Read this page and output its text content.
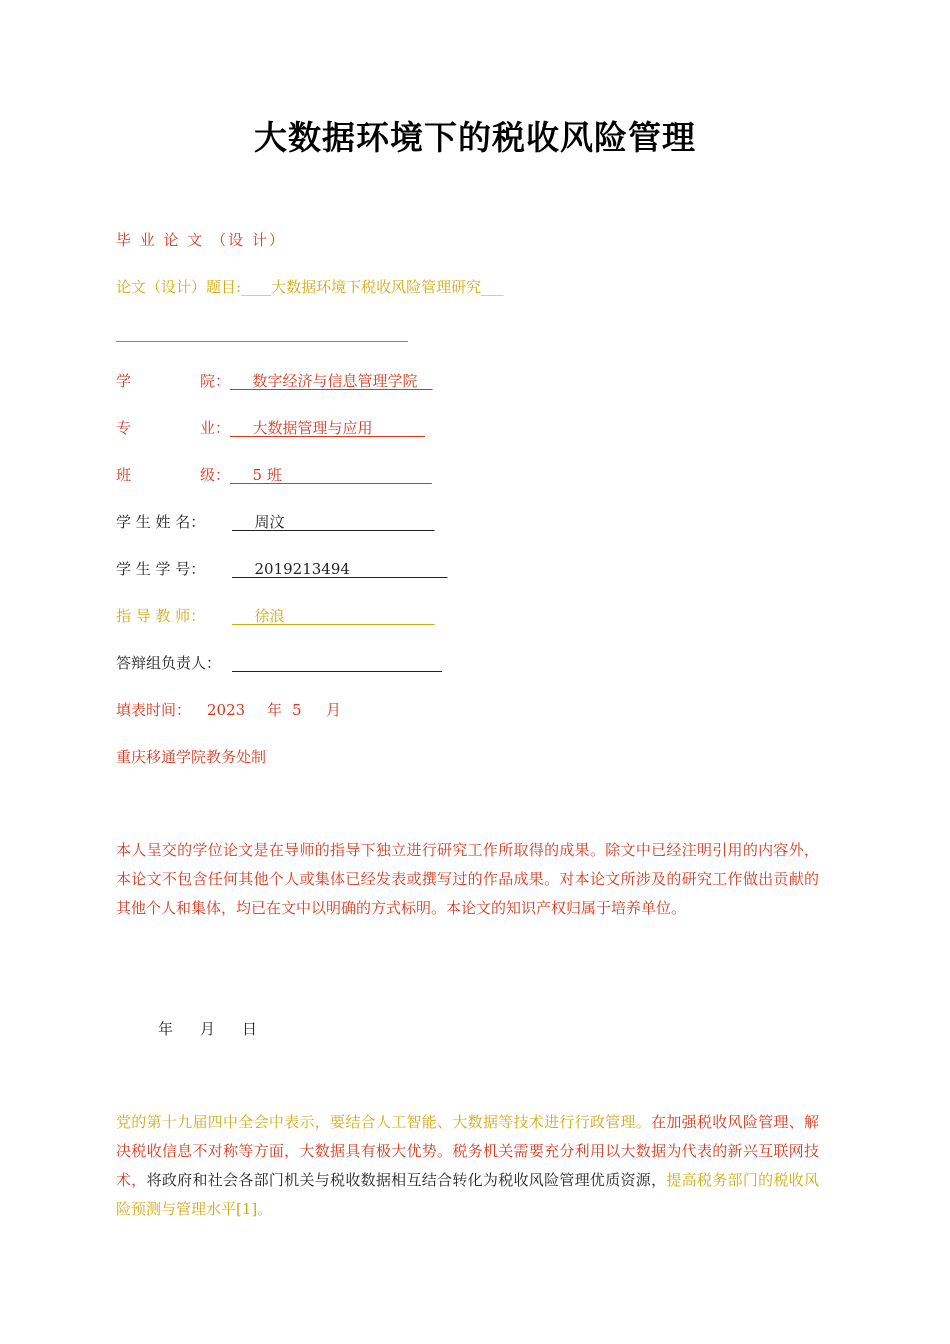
大数据环境下的税收风险管理
毕 业 论 文 （设 计）
论文（设计）题目:____大数据环境下税收风险管理研究___
学	院：___数字经济与信息管理学院__
专	业：___大数据管理与应用_______
班	级：___5 班____________________
学 生 姓 名： ___周汶____________________
学 生 学 号： ___2019213494_____________
指 导 教 师： ___徐浪____________________
答辩组负责人： ____________________________
填表时间： 2023 年 5 月
重庆移通学院教务处制
本人呈交的学位论文是在导师的指导下独立进行研究工作所取得的成果。除文中已经注明引用的内容外，本论文不包含任何其他个人或集体已经发表或撰写过的作品成果。对本论文所涉及的研究工作做出贡献的其他个人和集体，均已在文中以明确的方式标明。本论文的知识产权归属于培养单位。
年 月 日
党的第十九届四中全会中表示，要结合人工智能、大数据等技术进行行政管理。在加强税收风险管理、解决税收信息不对称等方面，大数据具有极大优势。税务机关需要充分利用以大数据为代表的新兴互联网技术，将政府和社会各部门机关与税收数据相互结合转化为税收风险管理优质资源，提高税务部门的税收风险预测与管理水平[1]。
